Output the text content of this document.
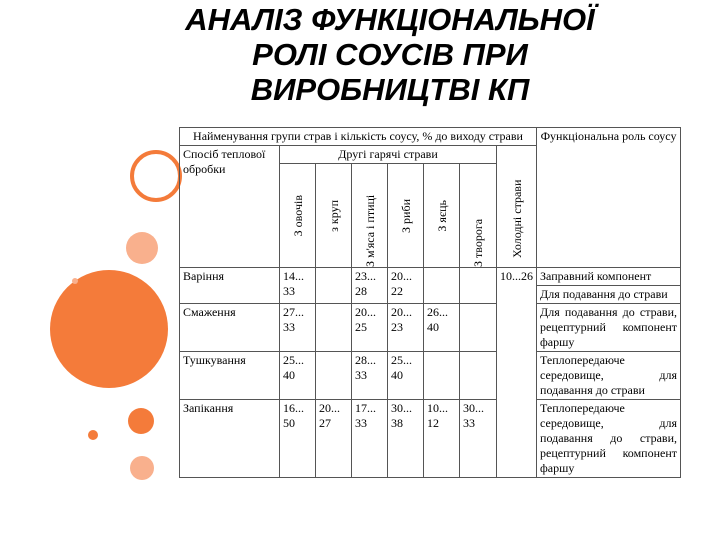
АНАЛІЗ ФУНКЦІОНАЛЬНОЇ РОЛІ СОУСІВ ПРИ ВИРОБНИЦТВІ КП
Найменування групи страв і кількість соусу, % до виходу страви								Функціональна роль соусу
Спосіб теплової обробки	Другі гарячі страви						Холодні страви	

	З овочів	з круп	З м'яса і птиці	З риби	З яєць	З творога		

Варіння	14... 33		23... 28	20... 22			10...26	Заправний компонент
								Для подавання до страви
Смаження	27... 33		20... 25	20... 23	26... 40			Для подавання до страви, рецептурний компонент фаршу
Тушкування	25... 40		28... 33	25... 40				Теплопередаюче середовище, для подавання до страви
Запікання	16... 50	20... 27	17... 33	30... 38	10... 12	30... 33		Теплопередаюче середовище, для подавання до страви, рецептурний компонент фаршу
